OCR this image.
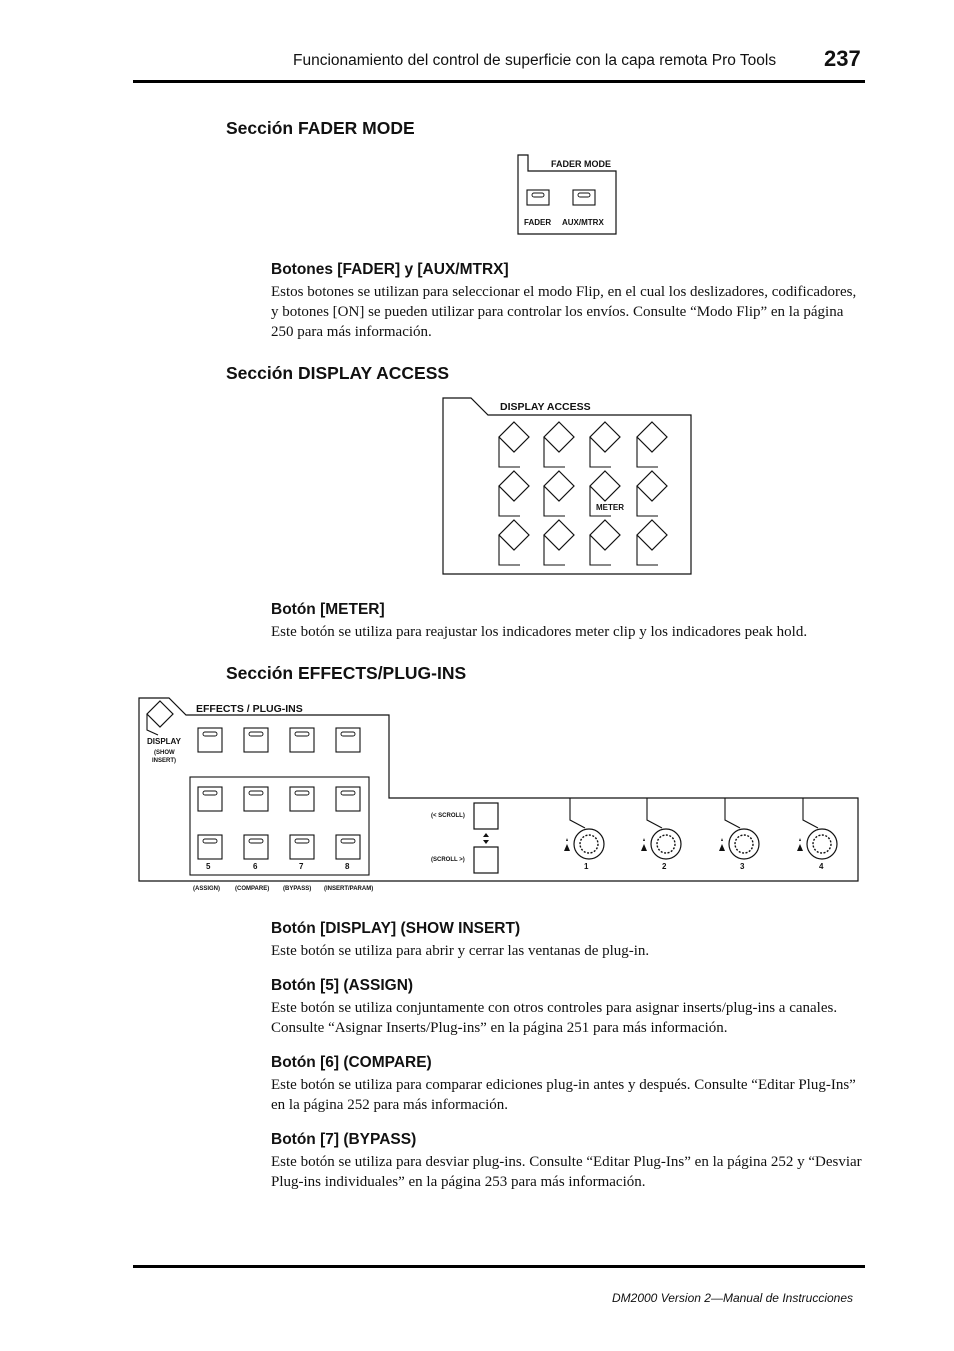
Funcionamiento del control de superficie con la capa remota Pro Tools 237
Sección FADER MODE
FADER MODE
FADER AUX/MTRX
Botones [FADER] y [AUX/MTRX]

Estos botones se utilizan para seleccionar el modo Flip, en el cual los deslizadores, codificadores, y botones [ON] se pueden utilizar para controlar los envíos. Consulte “Modo Flip” en la página 250 para más información.

Sección DISPLAY ACCESS
DISPLAY ACCESS
METER
Botón [METER]

Este botón se utiliza para reajustar los indicadores meter clip y los indicadores peak hold.

Sección EFFECTS/PLUG-INS
EFFECTS / PLUG-INS
DISPLAY
(SHOW
INSERT)
5	6	7	8
(ASSIGN)	(COMPARE) (BYPASS) (INSERT/PARAM)
(< SCROLL)
(SCROLL >)
1	2	3	4
Botón [DISPLAY] (SHOW INSERT)

Este botón se utiliza para abrir y cerrar las ventanas de plug-in.

Botón [5] (ASSIGN)

Este botón se utiliza conjuntamente con otros controles para asignar inserts/plug-ins a canales. Consulte “Asignar Inserts/Plug-ins” en la página 251 para más información.

Botón [6] (COMPARE)

Este botón se utiliza para comparar ediciones plug-in antes y después. Consulte “Editar Plug-Ins” en la página 252 para más información.

Botón [7] (BYPASS)

Este botón se utiliza para desviar plug-ins. Consulte “Editar Plug-Ins” en la página 252 y “Desviar Plug-ins individuales” en la página 253 para más información.

DM2000 Version 2—Manual de Instrucciones
